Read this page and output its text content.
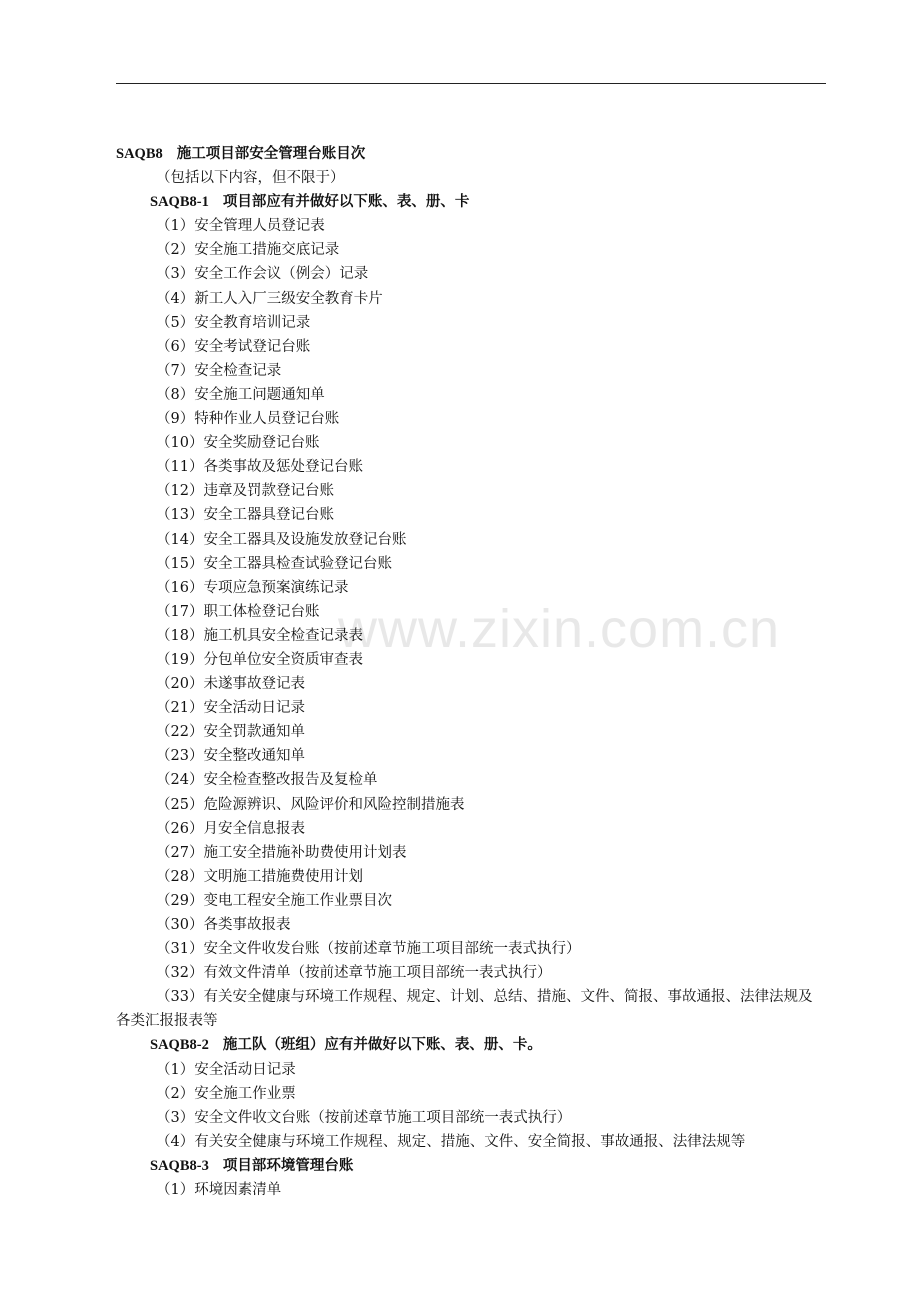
www.zixin.com.cn
SAQB8 施工项目部安全管理台账目次
（包括以下内容，但不限于）
SAQB8-1 项目部应有并做好以下账、表、册、卡
（1）安全管理人员登记表
（2）安全施工措施交底记录
（3）安全工作会议（例会）记录
（4）新工人入厂三级安全教育卡片
（5）安全教育培训记录
（6）安全考试登记台账
（7）安全检查记录
（8）安全施工问题通知单
（9）特种作业人员登记台账
（10）安全奖励登记台账
（11）各类事故及惩处登记台账
（12）违章及罚款登记台账
（13）安全工器具登记台账
（14）安全工器具及设施发放登记台账
（15）安全工器具检查试验登记台账
（16）专项应急预案演练记录
（17）职工体检登记台账
（18）施工机具安全检查记录表
（19）分包单位安全资质审查表
（20）未遂事故登记表
（21）安全活动日记录
（22）安全罚款通知单
（23）安全整改通知单
（24）安全检查整改报告及复检单
（25）危险源辨识、风险评价和风险控制措施表
（26）月安全信息报表
（27）施工安全措施补助费使用计划表
（28）文明施工措施费使用计划
（29）变电工程安全施工作业票目次
（30）各类事故报表
（31）安全文件收发台账（按前述章节施工项目部统一表式执行）
（32）有效文件清单（按前述章节施工项目部统一表式执行）
（33）有关安全健康与环境工作规程、规定、计划、总结、措施、文件、简报、事故通报、法律法规及各类汇报报表等
SAQB8-2 施工队（班组）应有并做好以下账、表、册、卡。
（1）安全活动日记录
（2）安全施工作业票
（3）安全文件收文台账（按前述章节施工项目部统一表式执行）
（4）有关安全健康与环境工作规程、规定、措施、文件、安全简报、事故通报、法律法规等
SAQB8-3 项目部环境管理台账
（1）环境因素清单
